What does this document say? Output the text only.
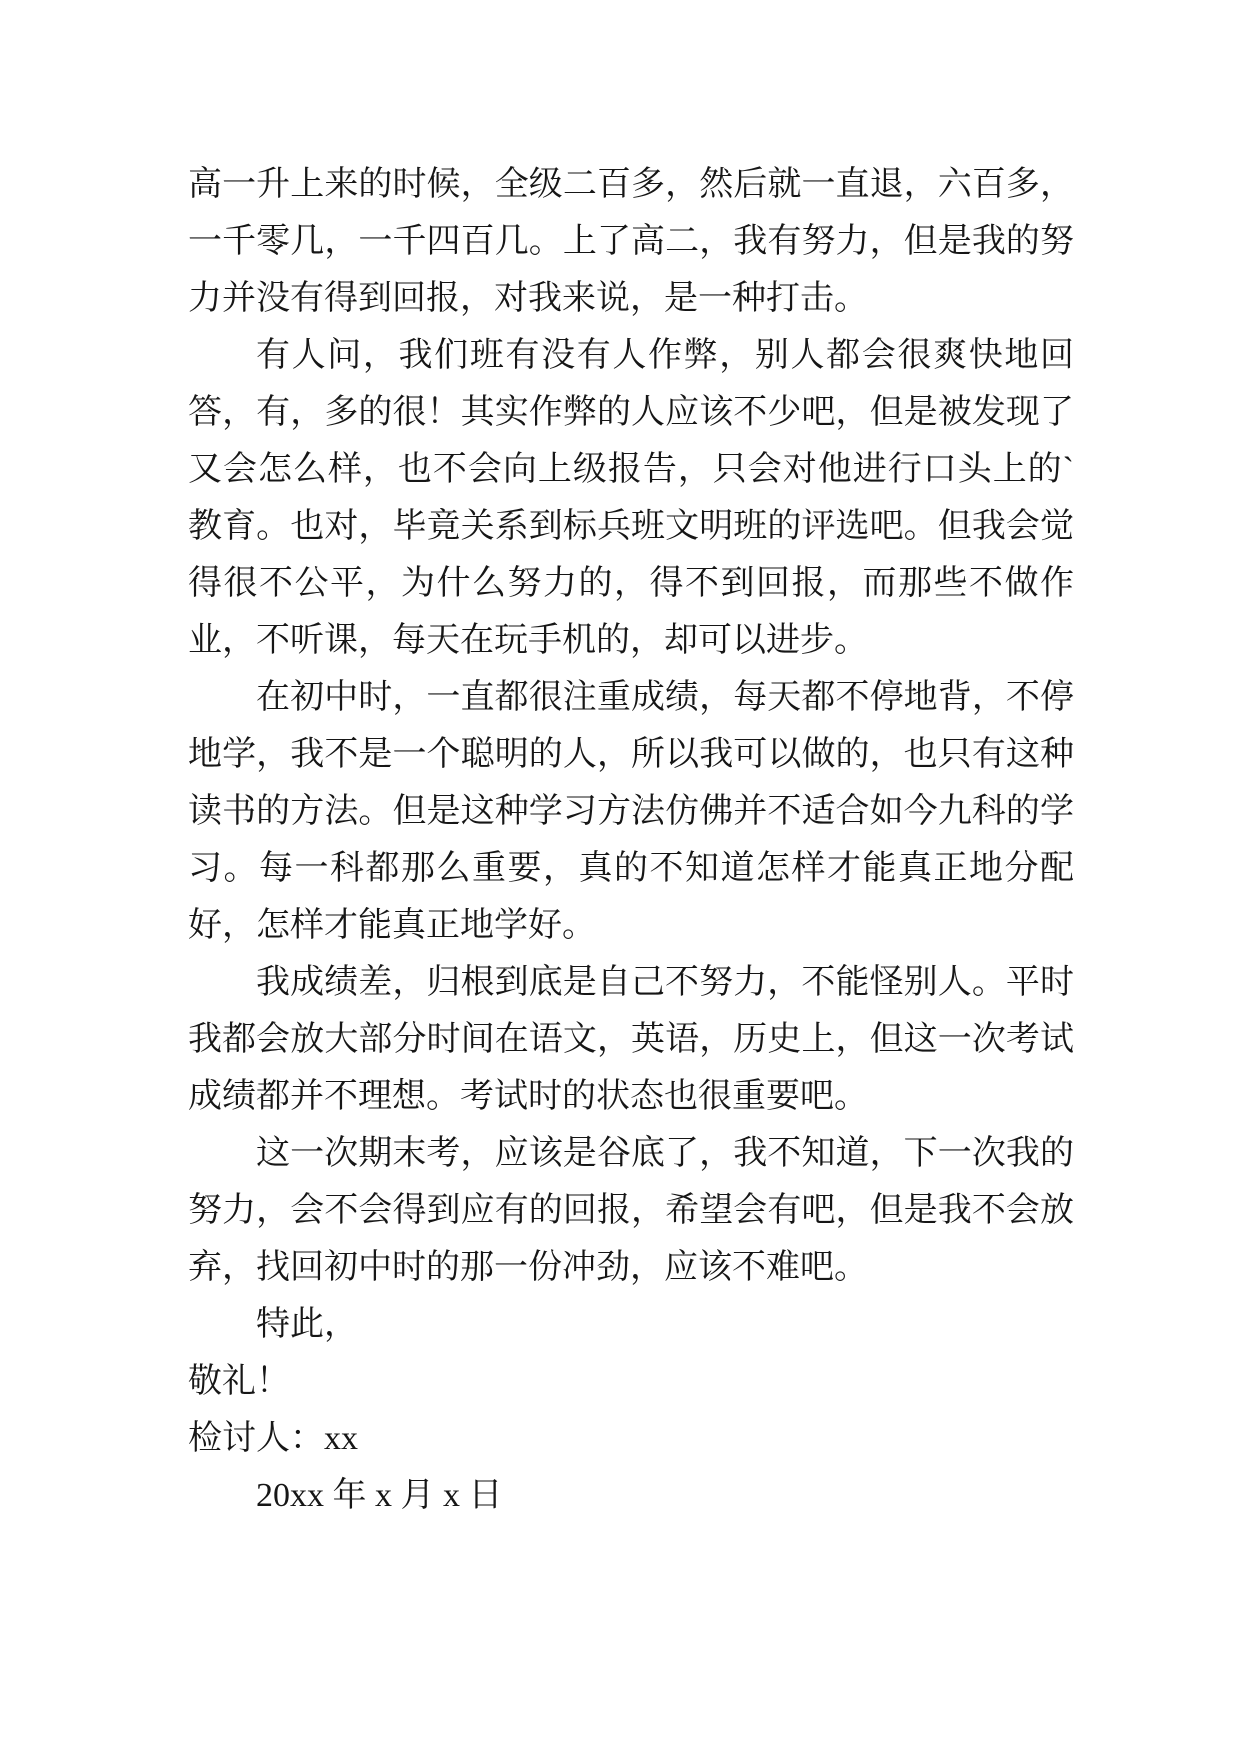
高一升上来的时候，全级二百多，然后就一直退，六百多，一千零几，一千四百几。上了高二，我有努力，但是我的努力并没有得到回报，对我来说，是一种打击。

有人问，我们班有没有人作弊，别人都会很爽快地回答，有，多的很！其实作弊的人应该不少吧，但是被发现了又会怎么样，也不会向上级报告，只会对他进行口头上的`教育。也对，毕竟关系到标兵班文明班的评选吧。但我会觉得很不公平，为什么努力的，得不到回报，而那些不做作业，不听课，每天在玩手机的，却可以进步。

在初中时，一直都很注重成绩，每天都不停地背，不停地学，我不是一个聪明的人，所以我可以做的，也只有这种读书的方法。但是这种学习方法仿佛并不适合如今九科的学习。每一科都那么重要，真的不知道怎样才能真正地分配好，怎样才能真正地学好。

我成绩差，归根到底是自己不努力，不能怪别人。平时我都会放大部分时间在语文，英语，历史上，但这一次考试成绩都并不理想。考试时的状态也很重要吧。

这一次期末考，应该是谷底了，我不知道，下一次我的努力，会不会得到应有的回报，希望会有吧，但是我不会放弃，找回初中时的那一份冲劲，应该不难吧。

特此，

敬礼！

检讨人：xx

20xx 年 x 月 x 日
